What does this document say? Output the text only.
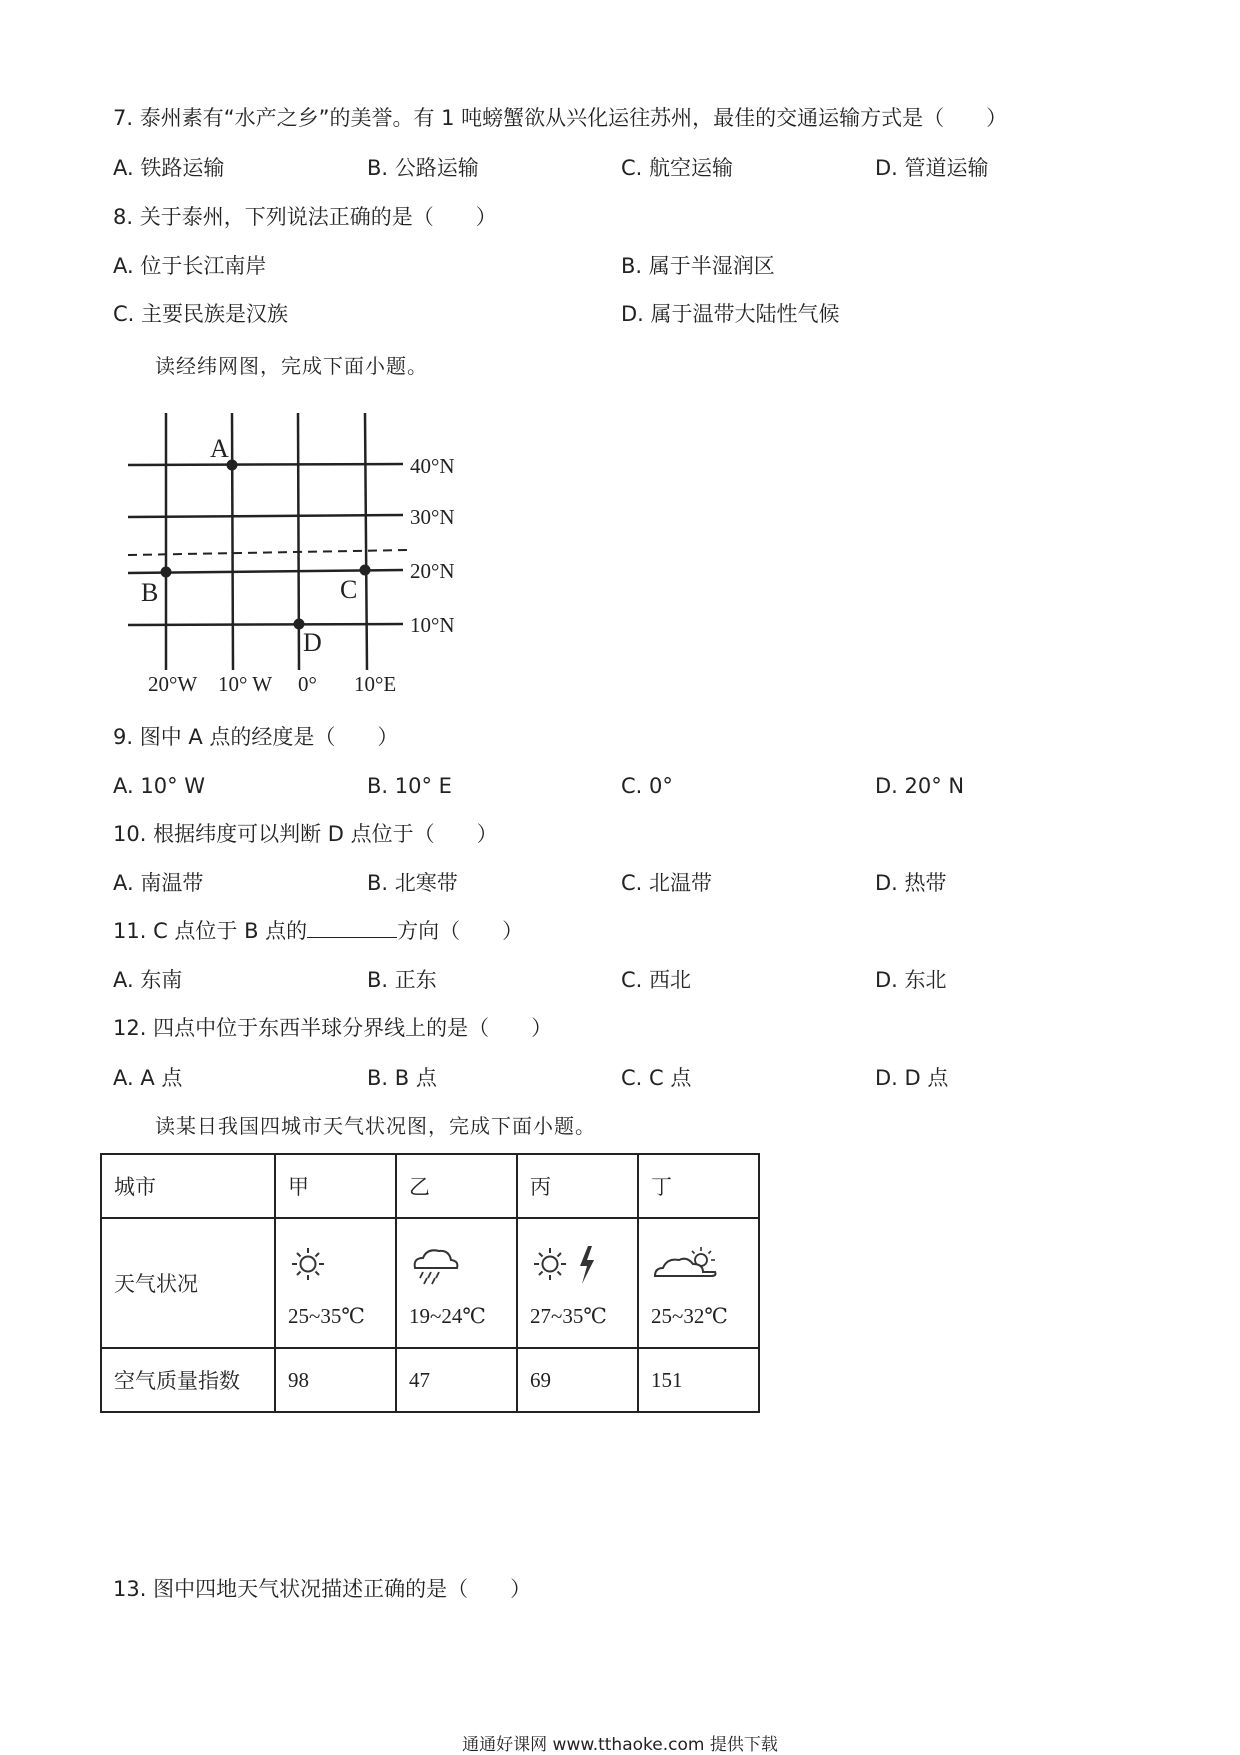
7. 泰州素有“水产之乡”的美誉。有 1 吨螃蟹欲从兴化运往苏州，最佳的交通运输方式是（　　）
A. 铁路运输	B. 公路运输	C. 航空运输	D. 管道运输
8. 关于泰州，下列说法正确的是（　　）
A. 位于长江南岸	B. 属于半湿润区
C. 主要民族是汉族	D. 属于温带大陆性气候
读经纬网图，完成下面小题。
A
B	C
D
40°N
30°N
20°N
10°N
20°W 10° W 0° 10°E
9. 图中 A 点的经度是（　　）
A. 10° W	B. 10° E	C. 0°	D. 20° N
10. 根据纬度可以判断 D 点位于（　　）
A. 南温带	B. 北寒带	C. 北温带	D. 热带
11. C 点位于 B 点的	方向（　　）
A. 东南	B. 正东	C. 西北	D. 东北
12. 四点中位于东西半球分界线上的是（　　）
A. A 点	B. B 点	C. C 点	D. D 点
读某日我国四城市天气状况图，完成下面小题。
城市	甲	乙	丙	丁
天气状况	25~35℃	19~24℃	27~35℃	25~32℃

空气质量指数	98	47	69	151
13. 图中四地天气状况描述正确的是（　　）
通通好课网 www.tthaoke.com 提供下载
